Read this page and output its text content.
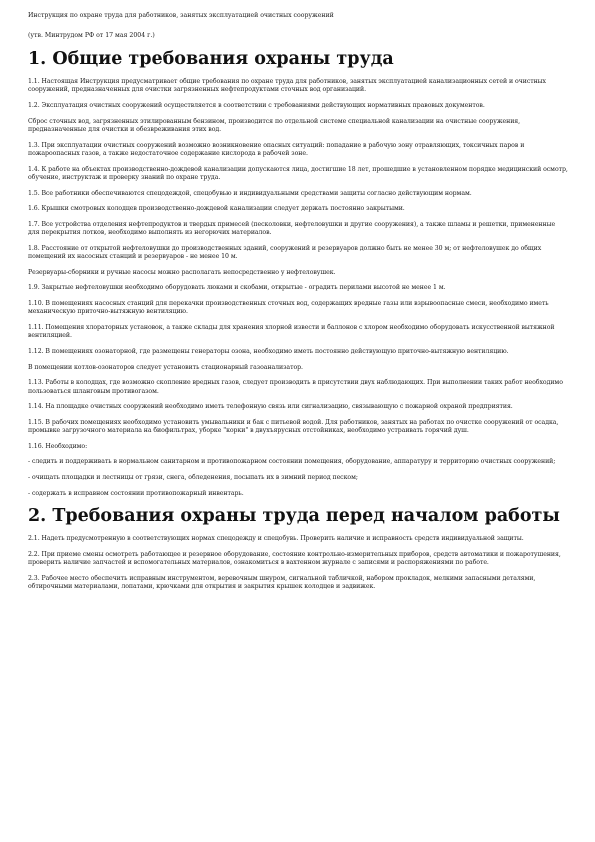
Инструкция по охране труда для работников, занятых эксплуатацией очистных сооружений

(утв. Минтрудом РФ от 17 мая 2004 г.)

1. Общие требования охраны труда

1.1. Настоящая Инструкция предусматривает общие требования по охране труда для работников, занятых эксплуатацией канализационных сетей и очистных сооружений, предназначенных для очистки загрязненных нефтепродуктами сточных вод организаций.

1.2. Эксплуатация очистных сооружений осуществляется в соответствии с требованиями действующих нормативных правовых документов.

Сброс сточных вод, загрязненных этилированным бензином, производится по отдельной системе специальной канализации на очистные сооружения, предназначенные для очистки и обезвреживания этих вод.

1.3. При эксплуатации очистных сооружений возможно возникновение опасных ситуаций: попадание в рабочую зону отравляющих, токсичных паров и пожароопасных газов, а также недостаточное содержание кислорода в рабочей зоне.

1.4. К работе на объектах производственно-дождевой канализации допускаются лица, достигшие 18 лет, прошедшие в установленном порядке медицинский осмотр, обучение, инструктаж и проверку знаний по охране труда.

1.5. Все работники обеспечиваются спецодеждой, спецобувью и индивидуальными средствами защиты согласно действующим нормам.

1.6. Крышки смотровых колодцев производственно-дождевой канализации следует держать постоянно закрытыми.

1.7. Все устройства отделения нефтепродуктов и твердых примесей (песколовки, нефтеловушки и другие сооружения), а также шламы и решетки, примененные для перекрытия лотков, необходимо выполнять из негорючих материалов.

1.8. Расстояние от открытой нефтеловушки до производственных зданий, сооружений и резервуаров должно быть не менее 30 м; от нефтеловушек до общих помещений их насосных станций и резервуаров - не менее 10 м.

Резервуары-сборники и ручные насосы можно располагать непосредственно у нефтеловушек.

1.9. Закрытые нефтеловушки необходимо оборудовать люками и скобами, открытые - оградить перилами высотой не менее 1 м.

1.10. В помещениях насосных станций для перекачки производственных сточных вод, содержащих вредные газы или взрывоопасные смеси, необходимо иметь механическую приточно-вытяжную вентиляцию.

1.11. Помещения хлораторных установок, а также склады для хранения хлорной извести и баллонов с хлором необходимо оборудовать искусственной вытяжной вентиляцией.

1.12. В помещениях озонаторной, где размещены генераторы озона, необходимо иметь постоянно действующую приточно-вытяжную вентиляцию.

В помещении котлов-озонаторов следует установить стационарный газоанализатор.

1.13. Работы в колодцах, где возможно скопление вредных газов, следует производить в присутствии двух наблюдающих. При выполнении таких работ необходимо пользоваться шланговым противогазом.

1.14. На площадке очистных сооружений необходимо иметь телефонную связь или сигнализацию, связывающую с пожарной охраной предприятия.

1.15. В рабочих помещениях необходимо установить умывальники и бак с питьевой водой. Для работников, занятых на работах по очистке сооружений от осадка, промывке загрузочного материала на биофильтрах, уборке "корки" в двухъярусных отстойниках, необходимо устраивать горячий душ.

1.16. Необходимо:

- следить и поддерживать в нормальном санитарном и противопожарном состоянии помещения, оборудование, аппаратуру и территорию очистных сооружений;

- очищать площадки и лестницы от грязи, снега, обледенения, посыпать их в зимний период песком;

- содержать в исправном состоянии противопожарный инвентарь.

2. Требования охраны труда перед началом работы

2.1. Надеть предусмотренную в соответствующих нормах спецодежду и спецобувь. Проверить наличие и исправность средств индивидуальной защиты.

2.2. При приеме смены осмотреть работающее и резервное оборудование, состояние контрольно-измерительных приборов, средств автоматики и пожаротушения, проверить наличие запчастей и вспомогательных материалов, ознакомиться в вахтенном журнале с записями и распоряжениями по работе.

2.3. Рабочее место обеспечить исправным инструментом, веревочным шнуром, сигнальной табличкой, набором прокладок, мелкими запасными деталями, обтирочными материалами, лопатами, крючками для открытия и закрытия крышек колодцев и задвижек.
